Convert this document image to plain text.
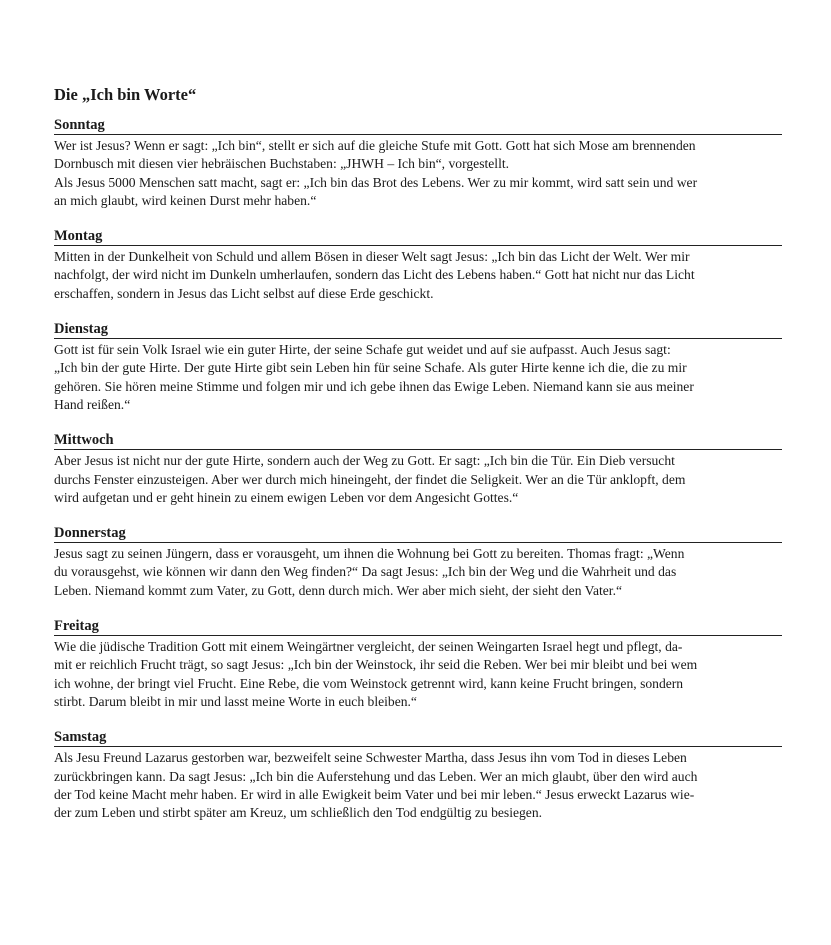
Die „Ich bin Worte“
Sonntag

Wer ist Jesus? Wenn er sagt: „Ich bin“, stellt er sich auf die gleiche Stufe mit Gott. Gott hat sich Mose am brennenden
Dornbusch mit diesen vier hebräischen Buchstaben: „JHWH – Ich bin“, vorgestellt.
Als Jesus 5000 Menschen satt macht, sagt er: „Ich bin das Brot des Lebens. Wer zu mir kommt, wird satt sein und wer
an mich glaubt, wird keinen Durst mehr haben.“

Montag

Mitten in der Dunkelheit von Schuld und allem Bösen in dieser Welt sagt Jesus: „Ich bin das Licht der Welt. Wer mir
nachfolgt, der wird nicht im Dunkeln umherlaufen, sondern das Licht des Lebens haben.“ Gott hat nicht nur das Licht
erschaffen, sondern in Jesus das Licht selbst auf diese Erde geschickt.

Dienstag

Gott ist für sein Volk Israel wie ein guter Hirte, der seine Schafe gut weidet und auf sie aufpasst. Auch Jesus sagt:
„Ich bin der gute Hirte. Der gute Hirte gibt sein Leben hin für seine Schafe. Als guter Hirte kenne ich die, die zu mir
gehören. Sie hören meine Stimme und folgen mir und ich gebe ihnen das Ewige Leben. Niemand kann sie aus meiner
Hand reißen.“

Mittwoch

Aber Jesus ist nicht nur der gute Hirte, sondern auch der Weg zu Gott. Er sagt: „Ich bin die Tür. Ein Dieb versucht
durchs Fenster einzusteigen. Aber wer durch mich hineingeht, der findet die Seligkeit. Wer an die Tür anklopft, dem
wird aufgetan und er geht hinein zu einem ewigen Leben vor dem Angesicht Gottes.“

Donnerstag

Jesus sagt zu seinen Jüngern, dass er vorausgeht, um ihnen die Wohnung bei Gott zu bereiten. Thomas fragt: „Wenn
du vorausgehst, wie können wir dann den Weg finden?“ Da sagt Jesus: „Ich bin der Weg und die Wahrheit und das
Leben. Niemand kommt zum Vater, zu Gott, denn durch mich. Wer aber mich sieht, der sieht den Vater.“

Freitag

Wie die jüdische Tradition Gott mit einem Weingärtner vergleicht, der seinen Weingarten Israel hegt und pflegt, da-
mit er reichlich Frucht trägt, so sagt Jesus: „Ich bin der Weinstock, ihr seid die Reben. Wer bei mir bleibt und bei wem
ich wohne, der bringt viel Frucht. Eine Rebe, die vom Weinstock getrennt wird, kann keine Frucht bringen, sondern
stirbt. Darum bleibt in mir und lasst meine Worte in euch bleiben.“

Samstag

Als Jesu Freund Lazarus gestorben war, bezweifelt seine Schwester Martha, dass Jesus ihn vom Tod in dieses Leben
zurückbringen kann. Da sagt Jesus: „Ich bin die Auferstehung und das Leben. Wer an mich glaubt, über den wird auch
der Tod keine Macht mehr haben. Er wird in alle Ewigkeit beim Vater und bei mir leben.“ Jesus erweckt Lazarus wie-
der zum Leben und stirbt später am Kreuz, um schließlich den Tod endgültig zu besiegen.
